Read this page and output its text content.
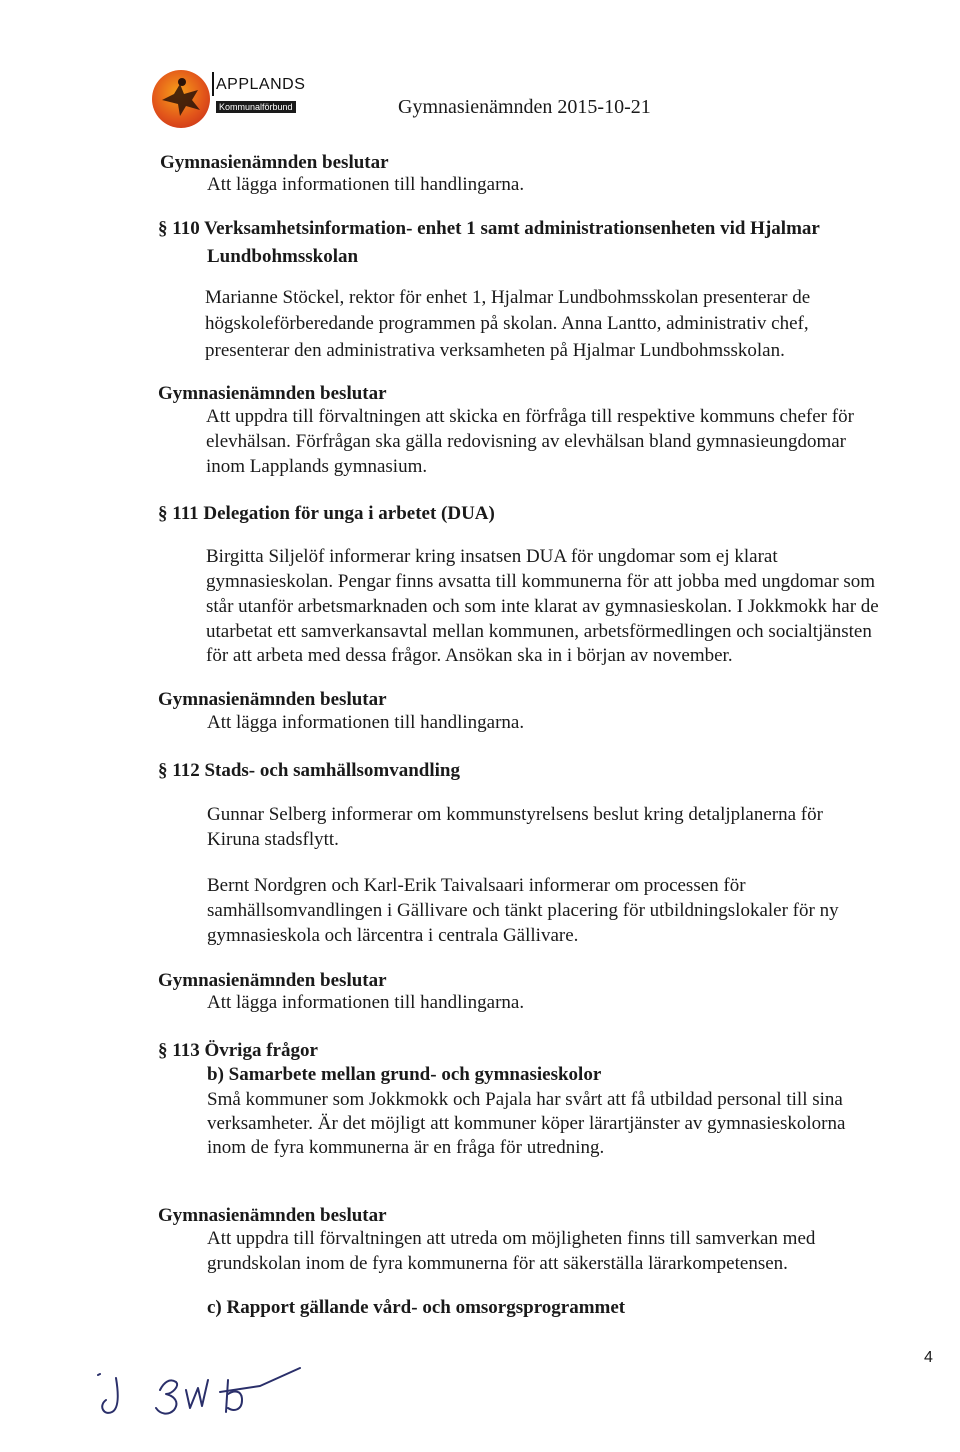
APPLANDS
Kommunalförbund	Gymnasienämnden 2015-10-21
Gymnasienämnden beslutar
Att lägga informationen till handlingarna.
§ 110 Verksamhetsinformation- enhet 1 samt administrationsenheten vid Hjalmar
Lundbohmsskolan
Marianne Stöckel, rektor för enhet 1, Hjalmar Lundbohmsskolan presenterar de
högskoleförberedande programmen på skolan. Anna Lantto, administrativ chef,
presenterar den administrativa verksamheten på Hjalmar Lundbohmsskolan.
Gymnasienämnden beslutar
Att uppdra till förvaltningen att skicka en förfråga till respektive kommuns chefer för
elevhälsan. Förfrågan ska gälla redovisning av elevhälsan bland gymnasieungdomar
inom Lapplands gymnasium.
§ 111 Delegation för unga i arbetet (DUA)
Birgitta Siljelöf informerar kring insatsen DUA för ungdomar som ej klarat
gymnasieskolan. Pengar finns avsatta till kommunerna för att jobba med ungdomar som
står utanför arbetsmarknaden och som inte klarat av gymnasieskolan. I Jokkmokk har de
utarbetat ett samverkansavtal mellan kommunen, arbetsförmedlingen och socialtjänsten
för att arbeta med dessa frågor. Ansökan ska in i början av november.
Gymnasienämnden beslutar
Att lägga informationen till handlingarna.
§ 112 Stads- och samhällsomvandling
Gunnar Selberg informerar om kommunstyrelsens beslut kring detaljplanerna för
Kiruna stadsflytt.
Bernt Nordgren och Karl-Erik Taivalsaari informerar om processen för
samhällsomvandlingen i Gällivare och tänkt placering för utbildningslokaler för ny
gymnasieskola och lärcentra i centrala Gällivare.
Gymnasienämnden beslutar
Att lägga informationen till handlingarna.
§ 113 Övriga frågor
b) Samarbete mellan grund- och gymnasieskolor
Små kommuner som Jokkmokk och Pajala har svårt att få utbildad personal till sina
verksamheter. Är det möjligt att kommuner köper lärartjänster av gymnasieskolorna
inom de fyra kommunerna är en fråga för utredning.
Gymnasienämnden beslutar
Att uppdra till förvaltningen att utreda om möjligheten finns till samverkan med
grundskolan inom de fyra kommunerna för att säkerställa lärarkompetensen.
c) Rapport gällande vård- och omsorgsprogrammet
4
